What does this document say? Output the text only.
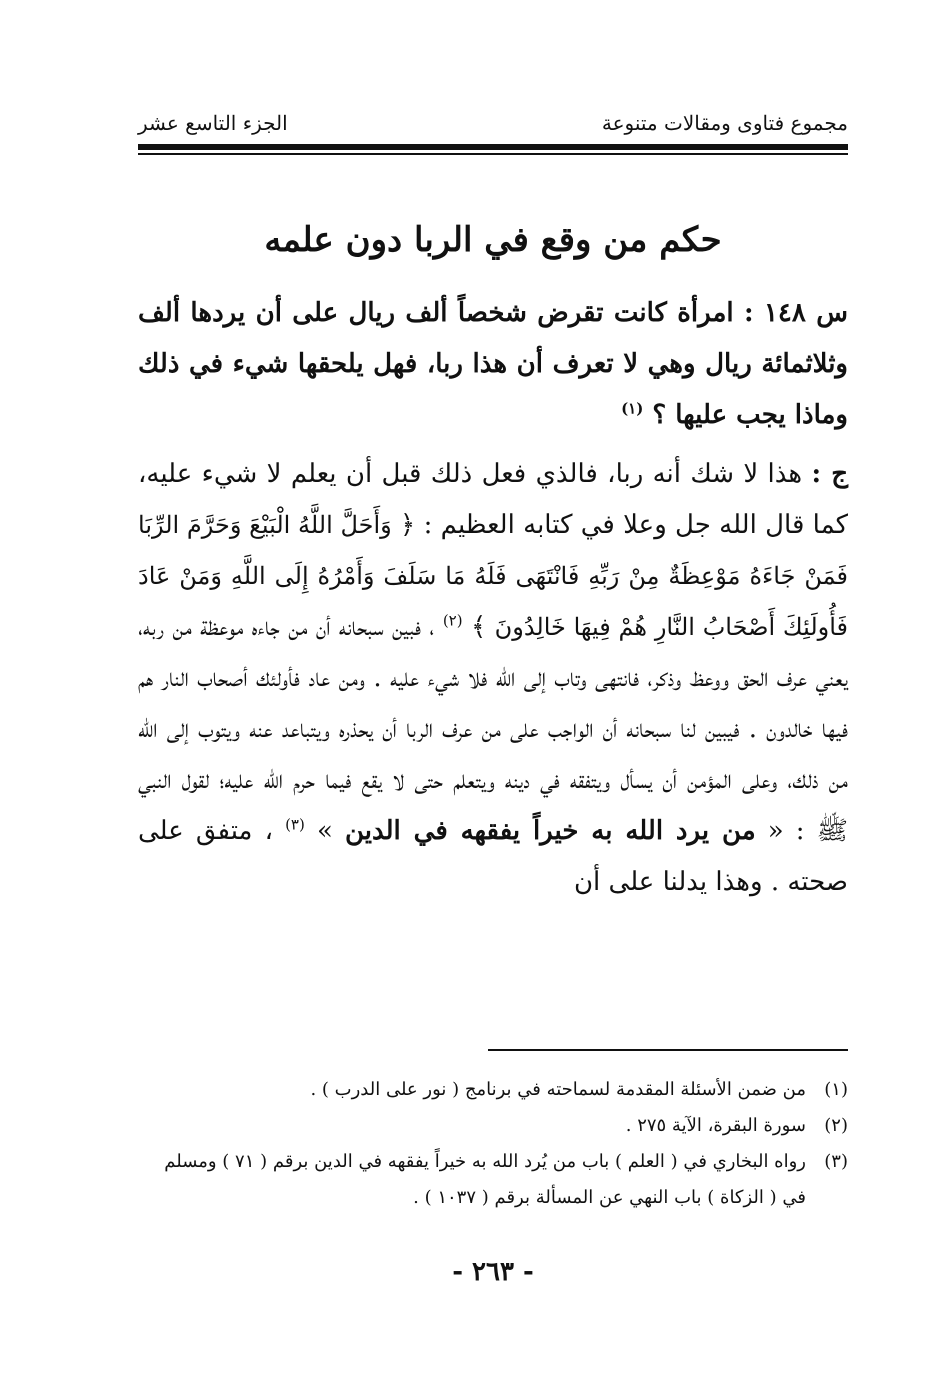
مجموع فتاوى ومقالات متنوعة
الجزء التاسع عشر
حكم من وقع في الربا دون علمه

س ١٤٨ : امرأة كانت تقرض شخصاً ألف ريال على أن يردها ألف وثلاثمائة ريال وهي لا تعرف أن هذا ربا، فهل يلحقها شيء في ذلك وماذا يجب عليها ؟ $^{(١)}$

ج : هذا لا شك أنه ربا، فالذي فعل ذلك قبل أن يعلم لا شيء عليه، كما قال الله جل وعلا في كتابه العظيم : ﴿ وَأَحَلَّ اللَّهُ الْبَيْعَ وَحَرَّمَ الرِّبَا فَمَنْ جَاءَهُ مَوْعِظَةٌ مِنْ رَبِّهِ فَانْتَهَى فَلَهُ مَا سَلَفَ وَأَمْرُهُ إِلَى اللَّهِ وَمَنْ عَادَ فَأُولَئِكَ أَصْحَابُ النَّارِ هُمْ فِيهَا خَالِدُونَ ﴾ $^{(٢)}$ ، فبين سبحانه أن من جاءه موعظة من ربه، يعني عرف الحق ووعظ وذكر، فانتهى وتاب إلى الله فلا شيء عليه . ومن عاد فأولئك أصحاب النار هم فيها خالدون . فيبين لنا سبحانه أن الواجب على من عرف الربا أن يحذره ويتباعد عنه ويتوب إلى الله من ذلك، وعلى المؤمن أن يسأل ويتفقه في دينه ويتعلم حتى لا يقع فيما حرم الله عليه؛ لقول النبي ﷺ : « من يرد الله به خيراً يفقهه في الدين » $^{(٣)}$ ، متفق على صحته . وهذا يدلنا على أن

(١)
من ضمن الأسئلة المقدمة لسماحته في برنامج ( نور على الدرب ) .

(٢)
سورة البقرة، الآية ٢٧٥ .

(٣)
رواه البخاري في ( العلم ) باب من يُرد الله به خيراً يفقهه في الدين برقم ( ٧١ ) ومسلم في ( الزكاة ) باب النهي عن المسألة برقم ( ١٠٣٧ ) .

- ٢٦٣ -
